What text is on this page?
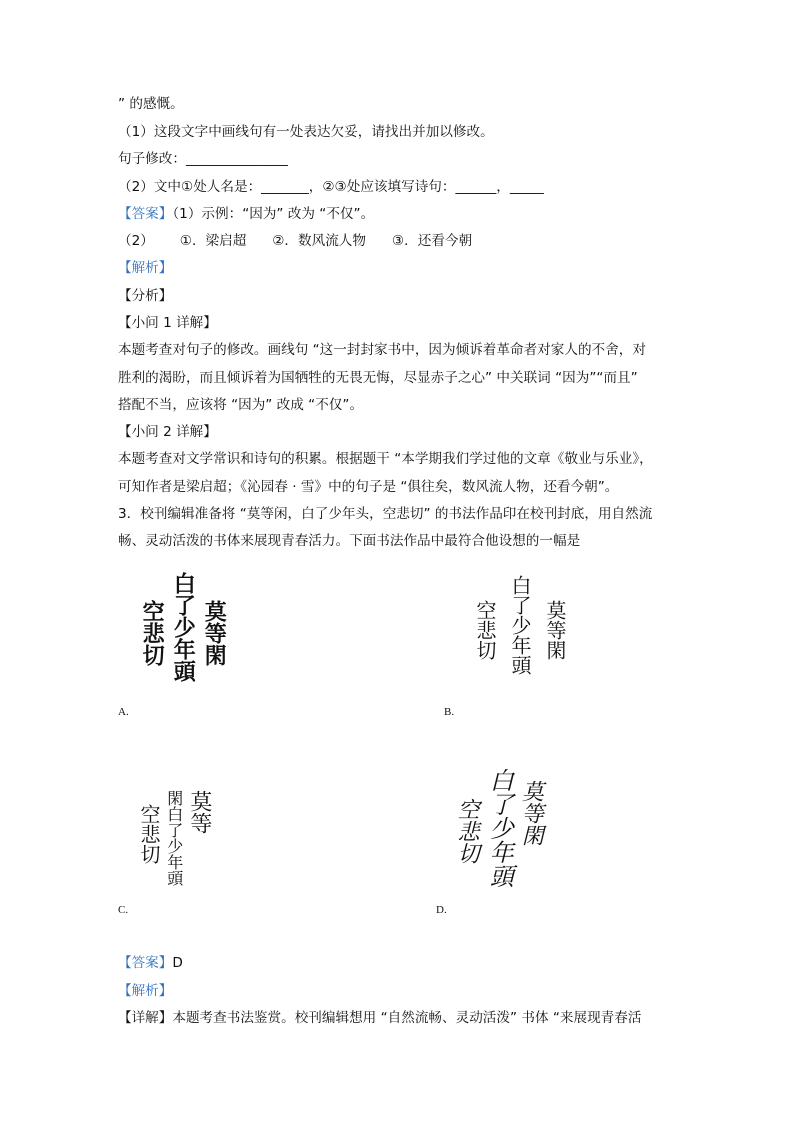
” 的感慨。
（1）这段文字中画线句有一处表达欠妥，请找出并加以修改。
句子修改：_______________
（2）文中①处人名是：_______，②③处应该填写诗句：______，_____
【答案】（1）示例：“因为” 改为 “不仅”。
（2）      ①．梁启超      ②．数风流人物      ③．还看今朝
【解析】
【分析】
【小问 1 详解】
本题考查对句子的修改。画线句 “这一封封家书中，因为倾诉着革命者对家人的不舍，对
胜利的渴盼，而且倾诉着为国牺牲的无畏无悔，尽显赤子之心” 中关联词 “因为”“而且”
搭配不当，应该将 “因为” 改成 “不仅”。
【小问 2 详解】
本题考查对文学常识和诗句的积累。根据题干 “本学期我们学过他的文章《敬业与乐业》，
可知作者是梁启超；《沁园春 · 雪》中的句子是 “俱往矣，数风流人物，还看今朝”。
3．校刊编辑准备将 “莫等闲，白了少年头，空悲切” 的书法作品印在校刊封底，用自然流
畅、灵动活泼的书体来展现青春活力。下面书法作品中最符合他设想的一幅是
莫等閑
白了少年頭
空悲切
A.
莫等閑
白了少年頭
空悲切
B.
莫等
閑白了少年頭
空悲切
C.
莫等閑
白了少年頭
空悲切
D.
【答案】D
【解析】
【详解】本题考查书法鉴赏。校刊编辑想用 “自然流畅、灵动活泼” 书体 “来展现青春活
